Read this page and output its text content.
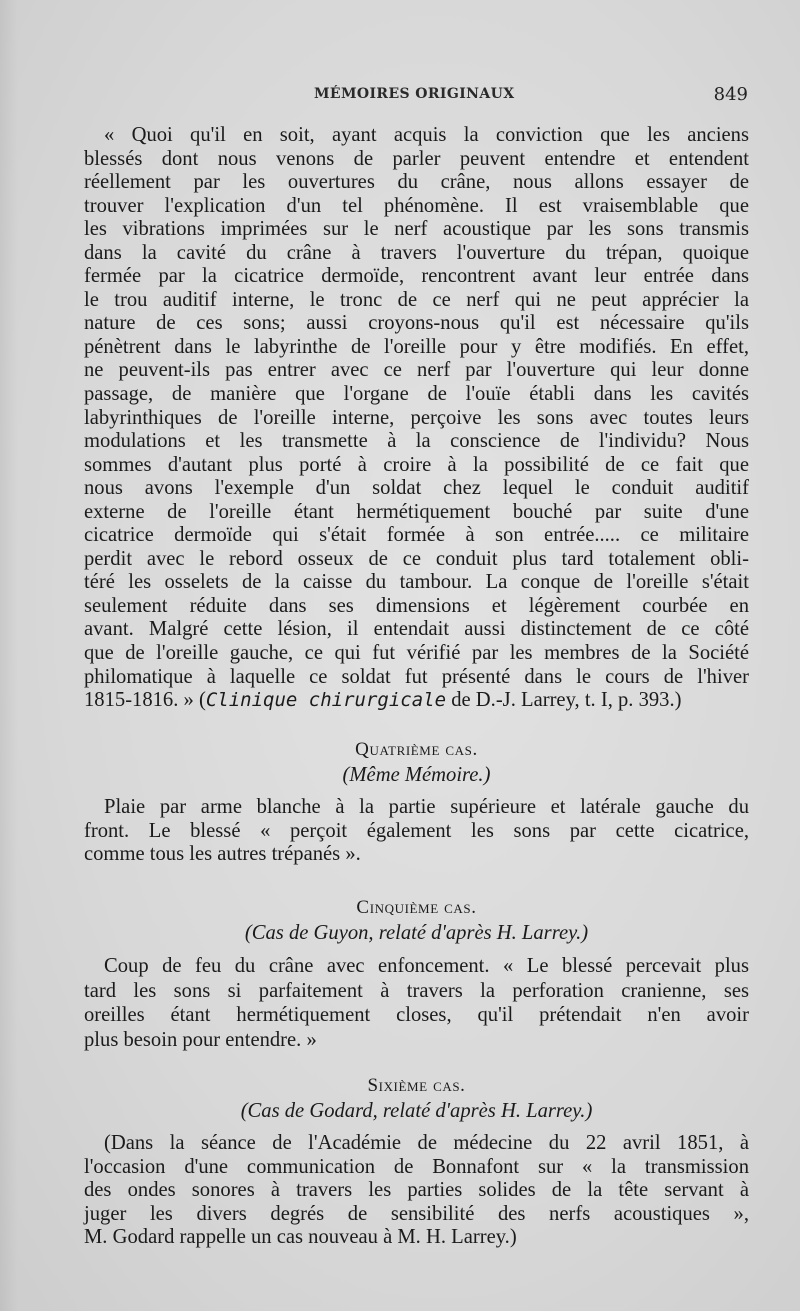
MÉMOIRES ORIGINAUX	849
« Quoi qu'il en soit, ayant acquis la conviction que les anciens
blessés dont nous venons de parler peuvent entendre et entendent
réellement par les ouvertures du crâne, nous allons essayer de
trouver l'explication d'un tel phénomène. Il est vraisemblable que
les vibrations imprimées sur le nerf acoustique par les sons transmis
dans la cavité du crâne à travers l'ouverture du trépan, quoique
fermée par la cicatrice dermoïde, rencontrent avant leur entrée dans
le trou auditif interne, le tronc de ce nerf qui ne peut apprécier la
nature de ces sons; aussi croyons-nous qu'il est nécessaire qu'ils
pénètrent dans le labyrinthe de l'oreille pour y être modifiés. En effet,
ne peuvent-ils pas entrer avec ce nerf par l'ouverture qui leur donne
passage, de manière que l'organe de l'ouïe établi dans les cavités
labyrinthiques de l'oreille interne, perçoive les sons avec toutes leurs
modulations et les transmette à la conscience de l'individu? Nous
sommes d'autant plus porté à croire à la possibilité de ce fait que
nous avons l'exemple d'un soldat chez lequel le conduit auditif
externe de l'oreille étant hermétiquement bouché par suite d'une
cicatrice dermoïde qui s'était formée à son entrée..... ce militaire
perdit avec le rebord osseux de ce conduit plus tard totalement obli-
téré les osselets de la caisse du tambour. La conque de l'oreille s'était
seulement réduite dans ses dimensions et légèrement courbée en
avant. Malgré cette lésion, il entendait aussi distinctement de ce côté
que de l'oreille gauche, ce qui fut vérifié par les membres de la Société
philomatique à laquelle ce soldat fut présenté dans le cours de l'hiver
1815-1816. » (Clinique chirurgicale de D.-J. Larrey, t. I, p. 393.)
Quatrième cas.
(Même Mémoire.)
Plaie par arme blanche à la partie supérieure et latérale gauche du
front. Le blessé « perçoit également les sons par cette cicatrice,
comme tous les autres trépanés ».
Cinquième cas.
(Cas de Guyon, relaté d'après H. Larrey.)
Coup de feu du crâne avec enfoncement. « Le blessé percevait plus
tard les sons si parfaitement à travers la perforation cranienne, ses
oreilles étant hermétiquement closes, qu'il prétendait n'en avoir
plus besoin pour entendre. »
Sixième cas.
(Cas de Godard, relaté d'après H. Larrey.)
(Dans la séance de l'Académie de médecine du 22 avril 1851, à
l'occasion d'une communication de Bonnafont sur « la transmission
des ondes sonores à travers les parties solides de la tête servant à
juger les divers degrés de sensibilité des nerfs acoustiques »,
M. Godard rappelle un cas nouveau à M. H. Larrey.)
